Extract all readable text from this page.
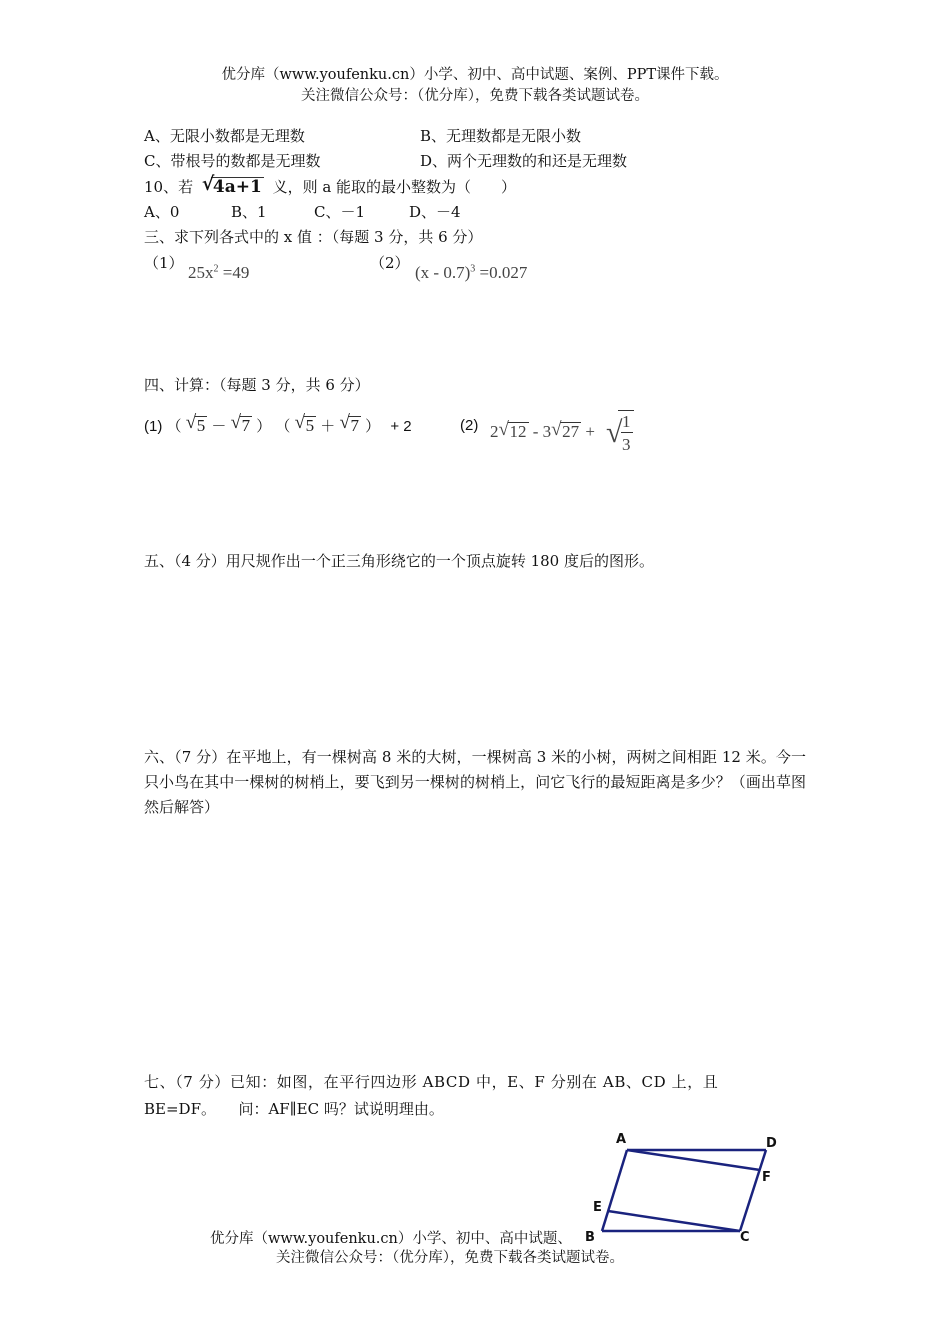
优分库（www.youfenku.cn）小学、初中、高中试题、案例、PPT课件下载。
关注微信公众号：（优分库），免费下载各类试题试卷。
A、无限小数都是无理数	B、无理数都是无限小数
C、带根号的数都是无理数	D、两个无理数的和还是无理数
10、若 √
4a+1 义，则 a 能取的最小整数为（　　）
A、0	B、1	C、－1	D、－4
三、求下列各式中的 x 值 ：（每题 3 分，共 6 分）
（1） $25x^2 =49$	（2） (x - 0.7)$^3$ =0.027
四、计算：（每题 3 分，共 6 分）
(1) （ √ 5 － √ 7 ） （ √ 5 ＋ √ 7 ） + 2	(2) 2 √ 12 - 3 √ 27 + √ 1
3
五、（4 分）用尺规作出一个正三角形绕它的一个顶点旋转 180 度后的图形。
六、（7 分）在平地上，有一棵树高 8 米的大树，一棵树高 3 米的小树，两树之间相距 12 米。今一只小鸟在其中一棵树的树梢上，要飞到另一棵树的树梢上，问它飞行的最短距离是多少？（画出草图然后解答）
七、（7 分）已知：如图，在平行四边形 ABCD 中，E、F 分别在 AB、CD 上，且
BE=DF。　　问：AF∥EC 吗？试说明理由。
A	D
F
E
B	C
优分库（www.youfenku.cn）小学、初中、高中试题、
关注微信公众号：（优分库），免费下载各类试题试卷。
